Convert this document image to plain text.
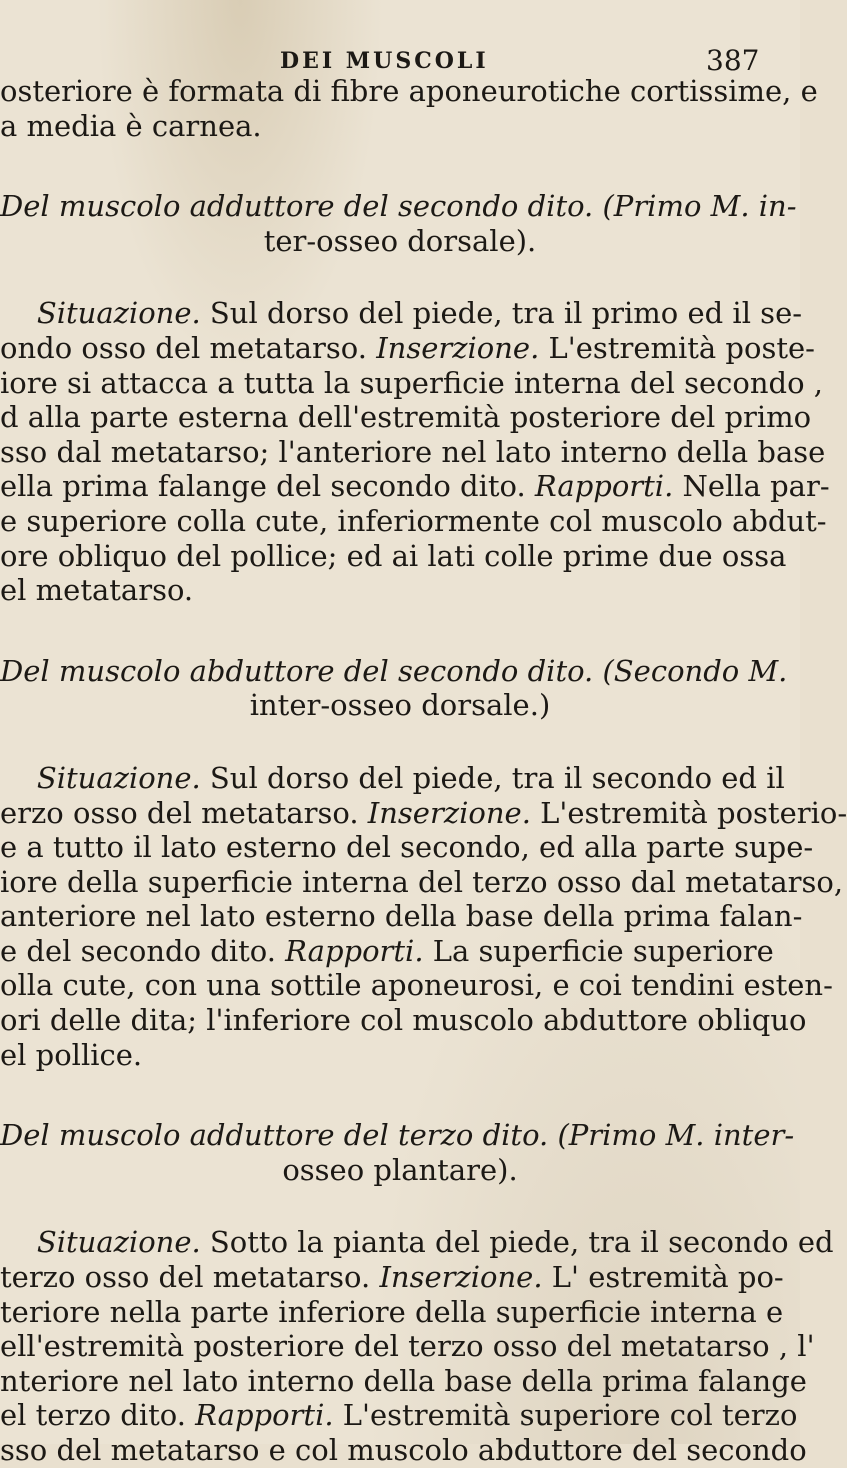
DEI MUSCOLI	387
osteriore è formata di fibre aponeurotiche cortissime, e
a media è carnea.
Del muscolo adduttore del secondo dito. (Primo M. in-
ter-osseo dorsale).
Situazione. Sul dorso del piede, tra il primo ed il se-
ondo osso del metatarso. Inserzione. L'estremità poste-
iore si attacca a tutta la superficie interna del secondo ,
d alla parte esterna dell'estremità posteriore del primo
sso dal metatarso; l'anteriore nel lato interno della base
ella prima falange del secondo dito. Rapporti. Nella par-
e superiore colla cute, inferiormente col muscolo abdut-
ore obliquo del pollice; ed ai lati colle prime due ossa
el metatarso.
Del muscolo abduttore del secondo dito. (Secondo M.
inter-osseo dorsale.)
Situazione. Sul dorso del piede, tra il secondo ed il
erzo osso del metatarso. Inserzione. L'estremità posterio-
e a tutto il lato esterno del secondo, ed alla parte supe-
iore della superficie interna del terzo osso dal metatarso,
anteriore nel lato esterno della base della prima falan-
e del secondo dito. Rapporti. La superficie superiore
olla cute, con una sottile aponeurosi, e coi tendini esten-
ori delle dita; l'inferiore col muscolo abduttore obliquo
el pollice.
Del muscolo adduttore del terzo dito. (Primo M. inter-
osseo plantare).
Situazione. Sotto la pianta del piede, tra il secondo ed
terzo osso del metatarso. Inserzione. L' estremità po-
teriore nella parte inferiore della superficie interna e
ell'estremità posteriore del terzo osso del metatarso , l'
nteriore nel lato interno della base della prima falange
el terzo dito. Rapporti. L'estremità superiore col terzo
sso del metatarso e col muscolo abduttore del secondo
